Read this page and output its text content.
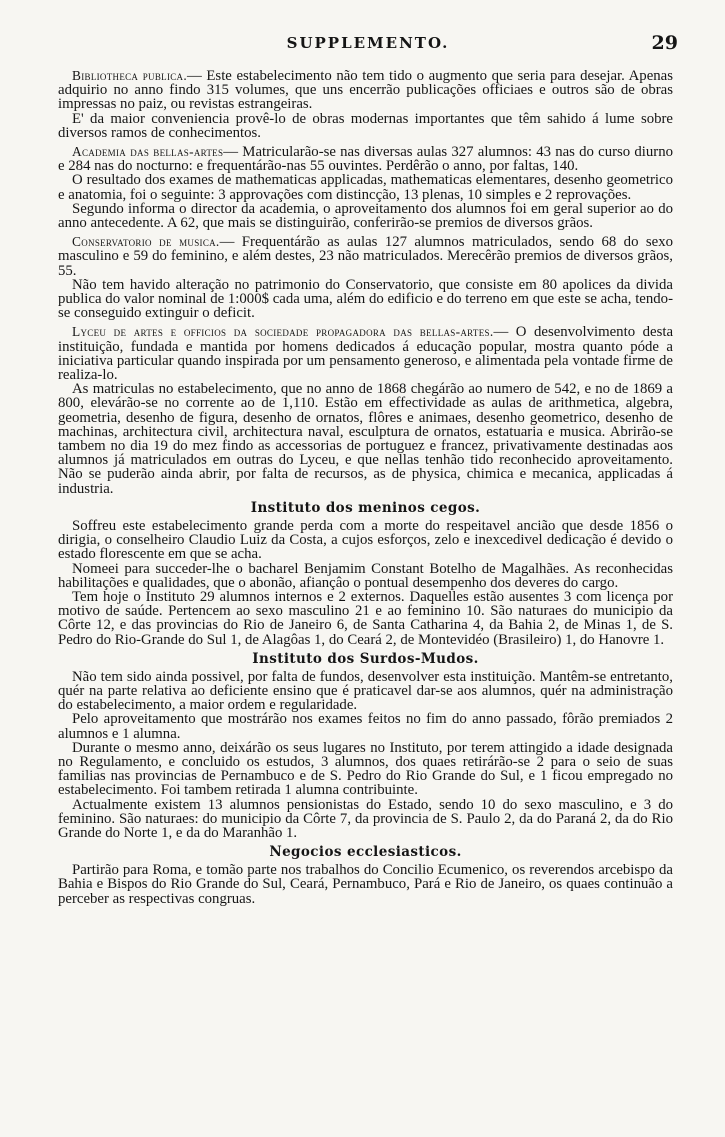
SUPPLEMENTO.	29

Bibliotheca publica.— Este estabelecimento não tem tido o augmento que seria para desejar. Apenas adquirio no anno findo 315 volumes, que uns encerrão publicações officiaes e outros são de obras impressas no paiz, ou revistas estrangeiras.

E' da maior conveniencia provê-lo de obras modernas importantes que têm sahido á lume sobre diversos ramos de conhecimentos.

Academia das bellas-artes— Matricularão-se nas diversas aulas 327 alumnos: 43 nas do curso diurno e 284 nas do nocturno: e frequentárão-nas 55 ouvintes. Perdêrão o anno, por faltas, 140.

O resultado dos exames de mathematicas applicadas, mathematicas elementares, desenho geometrico e anatomia, foi o seguinte: 3 approvações com distincção, 13 plenas, 10 simples e 2 reprovações.

Segundo informa o director da academia, o aproveitamento dos alumnos foi em geral superior ao do anno antecedente. A 62, que mais se distinguirão, conferirão-se premios de diversos grãos.

Conservatorio de musica.— Frequentárão as aulas 127 alumnos matriculados, sendo 68 do sexo masculino e 59 do feminino, e além destes, 23 não matriculados. Merecêrão premios de diversos grãos, 55.

Não tem havido alteração no patrimonio do Conservatorio, que consiste em 80 apolices da divida publica do valor nominal de 1:000$ cada uma, além do edificio e do terreno em que este se acha, tendo-se conseguido extinguir o deficit.

Lyceu de artes e officios da sociedade propagadora das bellas-artes.— O desenvolvimento desta instituição, fundada e mantida por homens dedicados á educação popular, mostra quanto póde a iniciativa particular quando inspirada por um pensamento generoso, e alimentada pela vontade firme de realiza-lo.

As matriculas no estabelecimento, que no anno de 1868 chegárão ao numero de 542, e no de 1869 a 800, elevárão-se no corrente ao de 1,110. Estão em effectividade as aulas de arithmetica, algebra, geometria, desenho de figura, desenho de ornatos, flôres e animaes, desenho geometrico, desenho de machinas, architectura civil, architectura naval, esculptura de ornatos, estatuaria e musica. Abrirão-se tambem no dia 19 do mez findo as accessorias de portuguez e francez, privativamente destinadas aos alumnos já matriculados em outras do Lyceu, e que nellas tenhão tido reconhecido aproveitamento. Não se puderão ainda abrir, por falta de recursos, as de physica, chimica e mecanica, applicadas á industria.

Instituto dos meninos cegos.

Soffreu este estabelecimento grande perda com a morte do respeitavel ancião que desde 1856 o dirigia, o conselheiro Claudio Luiz da Costa, a cujos esforços, zelo e inexcedivel dedicação é devido o estado florescente em que se acha.

Nomeei para succeder-lhe o bacharel Benjamim Constant Botelho de Magalhães. As reconhecidas habilitações e qualidades, que o abonão, afiançâo o pontual desempenho dos deveres do cargo.

Tem hoje o Instituto 29 alumnos internos e 2 externos. Daquelles estão ausentes 3 com licença por motivo de saúde. Pertencem ao sexo masculino 21 e ao feminino 10. São naturaes do municipio da Côrte 12, e das provincias do Rio de Janeiro 6, de Santa Catharina 4, da Bahia 2, de Minas 1, de S. Pedro do Rio-Grande do Sul 1, de Alagôas 1, do Ceará 2, de Montevidéo (Brasileiro) 1, do Hanovre 1.

Instituto dos Surdos-Mudos.

Não tem sido ainda possivel, por falta de fundos, desenvolver esta instituição. Mantêm-se entretanto, quér na parte relativa ao deficiente ensino que é praticavel dar-se aos alumnos, quér na administração do estabelecimento, a maior ordem e regularidade.

Pelo aproveitamento que mostrárão nos exames feitos no fim do anno passado, fôrão premiados 2 alumnos e 1 alumna.

Durante o mesmo anno, deixárão os seus lugares no Instituto, por terem attingido a idade designada no Regulamento, e concluido os estudos, 3 alumnos, dos quaes retirárão-se 2 para o seio de suas familias nas provincias de Pernambuco e de S. Pedro do Rio Grande do Sul, e 1 ficou empregado no estabelecimento. Foi tambem retirada 1 alumna contribuinte.

Actualmente existem 13 alumnos pensionistas do Estado, sendo 10 do sexo masculino, e 3 do feminino. São naturaes: do municipio da Côrte 7, da provincia de S. Paulo 2, da do Paraná 2, da do Rio Grande do Norte 1, e da do Maranhão 1.

Negocios ecclesiasticos.

Partirão para Roma, e tomão parte nos trabalhos do Concilio Ecumenico, os reverendos arcebispo da Bahia e Bispos do Rio Grande do Sul, Ceará, Pernambuco, Pará e Rio de Janeiro, os quaes continuão a perceber as respectivas congruas.
